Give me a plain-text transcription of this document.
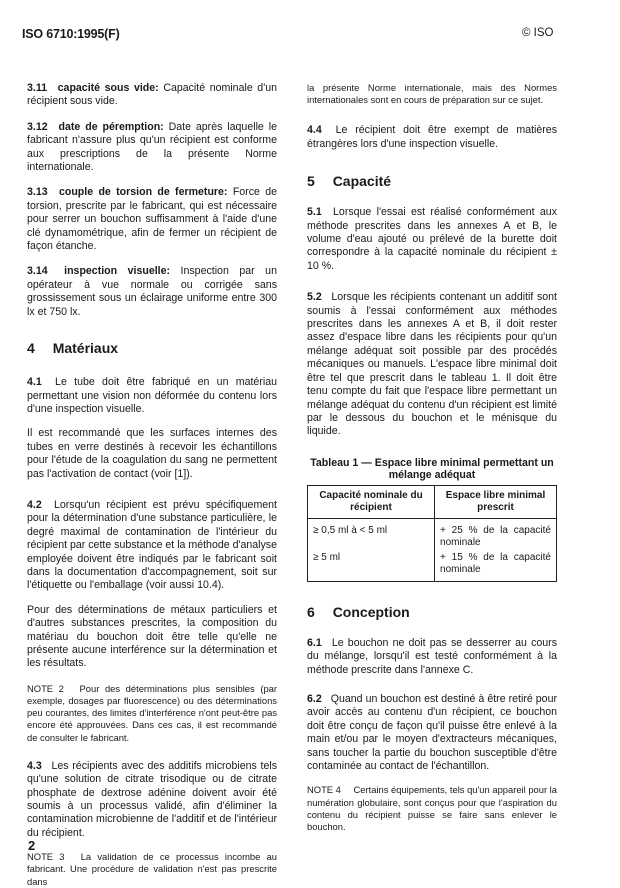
ISO 6710:1995(F)	© ISO

3.11 capacité sous vide: Capacité nominale d'un récipient sous vide.

3.12 date de péremption: Date après laquelle le fabricant n'assure plus qu'un récipient est conforme aux prescriptions de la présente Norme internationale.

3.13 couple de torsion de fermeture: Force de torsion, prescrite par le fabricant, qui est nécessaire pour serrer un bouchon suffisamment à l'aide d'une clé dynamométrique, afin de fermer un récipient de façon étanche.

3.14 inspection visuelle: Inspection par un opérateur à vue normale ou corrigée sans grossissement sous un éclairage uniforme entre 300 lx et 750 lx.

4 Matériaux

4.1 Le tube doit être fabriqué en un matériau permettant une vision non déformée du contenu lors d'une inspection visuelle.

Il est recommandé que les surfaces internes des tubes en verre destinés à recevoir les échantillons pour l'étude de la coagulation du sang ne permettent pas l'activation de contact (voir [1]).

4.2 Lorsqu'un récipient est prévu spécifiquement pour la détermination d'une substance particulière, le degré maximal de contamination de l'intérieur du récipient par cette substance et la méthode d'analyse employée doivent être indiqués par le fabricant soit dans la documentation d'accompagnement, soit sur l'étiquette ou l'emballage (voir aussi 10.4).

Pour des déterminations de métaux particuliers et d'autres substances prescrites, la composition du matériau du bouchon doit être telle qu'elle ne présente aucune interférence sur la détermination et les résultats.

NOTE 2 Pour des déterminations plus sensibles (par exemple, dosages par fluorescence) ou des déterminations peu courantes, des limites d'interférence n'ont peut-être pas encore été approuvées. Dans ces cas, il est recommandé de consulter le fabricant.

4.3 Les récipients avec des additifs microbiens tels qu'une solution de citrate trisodique ou de citrate phosphate de dextrose adénine doivent avoir été soumis à un processus validé, afin d'éliminer la contamination microbienne de l'additif et de l'intérieur du récipient.

NOTE 3 La validation de ce processus incombe au fabricant. Une procédure de validation n'est pas prescrite dans

la présente Norme internationale, mais des Normes internationales sont en cours de préparation sur ce sujet.

4.4 Le récipient doit être exempt de matières étrangères lors d'une inspection visuelle.

5 Capacité

5.1 Lorsque l'essai est réalisé conformément aux méthode prescrites dans les annexes A et B, le volume d'eau ajouté ou prélevé de la burette doit correspondre à la capacité nominale du récipient ± 10 %.

5.2 Lorsque les récipients contenant un additif sont soumis à l'essai conformément aux méthodes prescrites dans les annexes A et B, il doit rester assez d'espace libre dans les récipients pour qu'un mélange adéquat soit possible par des procédés mécaniques ou manuels. L'espace libre minimal doit être tel que prescrit dans le tableau 1. Il doit être tenu compte du fait que l'espace libre permettant un mélange adéquat du contenu d'un récipient est limité par le dessous du bouchon et le ménisque du liquide.

Tableau 1 — Espace libre minimal permettant un mélange adéquat

Capacité nominale du récipient	Espace libre minimal prescrit
≥ 0,5 ml à < 5 ml	+ 25 % de la capacité nominale
≥ 5 ml	+ 15 % de la capacité nominale

6 Conception

6.1 Le bouchon ne doit pas se desserrer au cours du mélange, lorsqu'il est testé conformément à la méthode prescrite dans l'annexe C.

6.2 Quand un bouchon est destiné à être retiré pour avoir accès au contenu d'un récipient, ce bouchon doit être conçu de façon qu'il puisse être enlevé à la main et/ou par le moyen d'extracteurs mécaniques, sans toucher la partie du bouchon susceptible d'être contaminée au contact de l'échantillon.

NOTE 4 Certains équipements, tels qu'un appareil pour la numération globulaire, sont conçus pour que l'aspiration du contenu du récipient puisse se faire sans enlever le bouchon.

2
